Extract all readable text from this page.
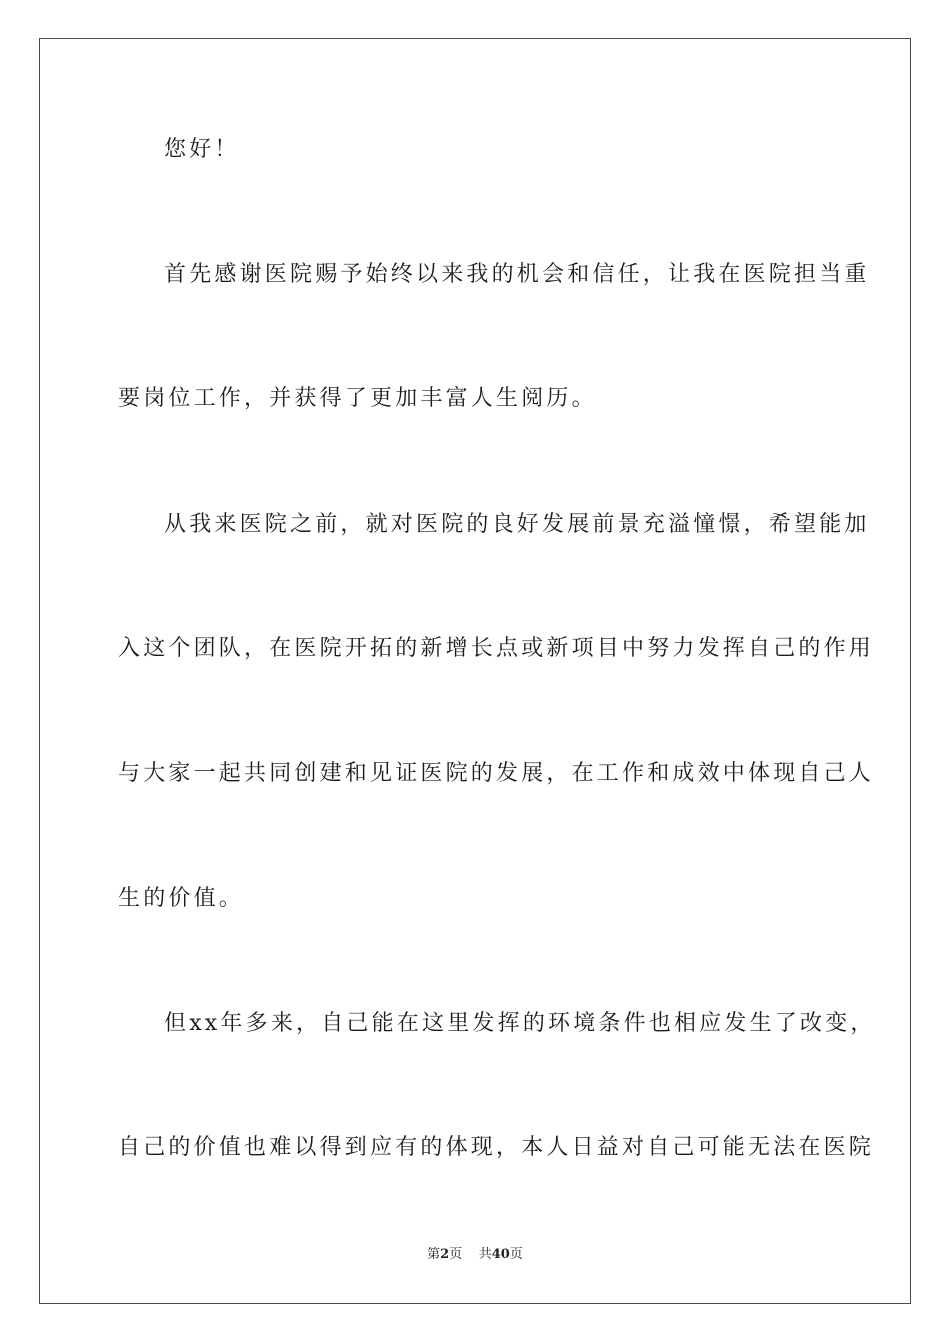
您好！
首先感谢医院赐予始终以来我的机会和信任，让我在医院担当重
要岗位工作，并获得了更加丰富人生阅历。
从我来医院之前，就对医院的良好发展前景充溢憧憬，希望能加
入这个团队，在医院开拓的新增长点或新项目中努力发挥自己的作用
与大家一起共同创建和见证医院的发展，在工作和成效中体现自己人
生的价值。
但xx年多来，自己能在这里发挥的环境条件也相应发生了改变，
自己的价值也难以得到应有的体现，本人日益对自己可能无法在医院
第2页 共40页
